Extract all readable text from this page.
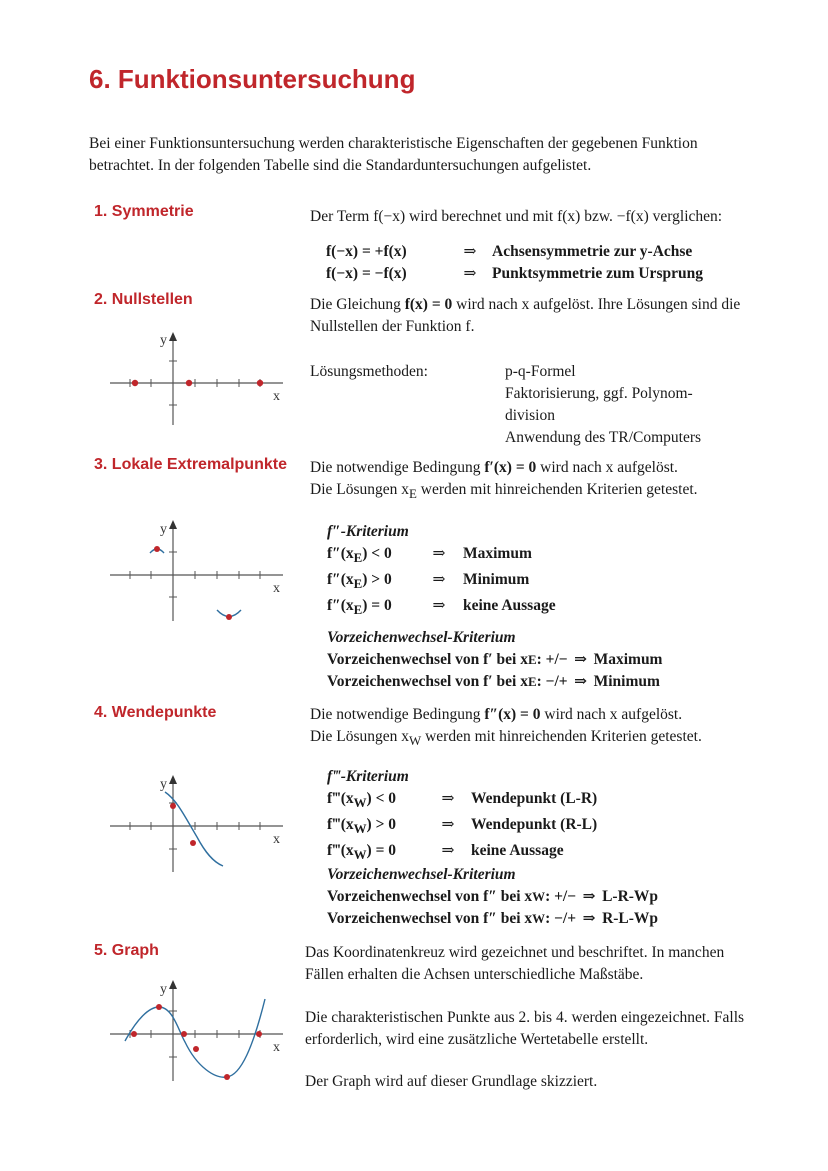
6. Funktionsuntersuchung
Bei einer Funktionsuntersuchung werden charakteristische Eigenschaften der gegebenen Funktion betrachtet. In der folgenden Tabelle sind die Standarduntersuchungen aufgelistet.
1. Symmetrie	Der Term f(−x) wird berechnet und mit f(x) bzw. −f(x) verglichen:
f(−x) = +f(x)	⇒	Achsensymmetrie zur y-Achse
f(−x) = −f(x)	⇒	Punktsymmetrie zum Ursprung
2. Nullstellen	Die Gleichung f(x) = 0 wird nach x aufgelöst. Ihre Lösungen sind die Nullstellen der Funktion f.
Lösungsmethoden:	p-q-Formel
Faktorisierung, ggf. Polynom-
division
Anwendung des TR/Computers
y
x
3. Lokale Extremalpunkte Die notwendige Bedingung f′(x) = 0 wird nach x aufgelöst.
Die Lösungen $x_E$ werden mit hinreichenden Kriterien getestet.
f″-Kriterium
$f''(x_E) < 0$	⇒	Maximum
$f''(x_E) > 0$	⇒	Minimum
$f''(x_E) = 0$	⇒	keine Aussage
Vorzeichenwechsel-Kriterium
Vorzeichenwechsel von f′ bei x E : +/− ⇒ Maximum
Vorzeichenwechsel von f′ bei x E : −/+ ⇒ Minimum
y
x
4. Wendepunkte	Die notwendige Bedingung f″(x) = 0 wird nach x aufgelöst.
Die Lösungen $x_W$ werden mit hinreichenden Kriterien getestet.
f‴-Kriterium
$f‴(x_W) < 0$	⇒	Wendepunkt (L-R)
$f‴(x_W) > 0$	⇒	Wendepunkt (R-L)
$f‴(x_W) = 0$	⇒	keine Aussage
Vorzeichenwechsel-Kriterium
Vorzeichenwechsel von f″ bei x W : +/− ⇒ L-R-Wp
Vorzeichenwechsel von f″ bei x W : −/+ ⇒ R-L-Wp
y
x
5. Graph	Das Koordinatenkreuz wird gezeichnet und beschriftet. In manchen Fällen erhalten die Achsen unterschiedliche Maßstäbe.
Die charakteristischen Punkte aus 2. bis 4. werden eingezeichnet. Falls erforderlich, wird eine zusätzliche Wertetabelle erstellt.
Der Graph wird auf dieser Grundlage skizziert.
y
x
